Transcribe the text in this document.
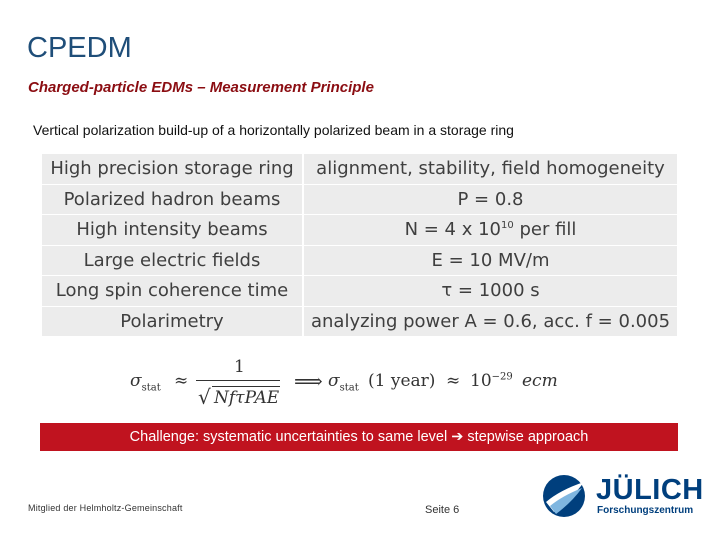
CPEDM
Charged-particle EDMs – Measurement Principle
Vertical polarization build-up of a horizontally polarized beam in a storage ring
High precision storage ring	alignment, stability, field homogeneity
Polarized hadron beams	P = 0.8
High intensity beams	N = 4 x $10^{10}$ per fill
Large electric fields	E = 10 MV/m
Long spin coherence time	τ = 1000 s
Polarimetry	analyzing power A = 0.6, acc. f = 0.005
$\sigma_{stat}$ ≈
1
√ NfτPAE
⟹ $\sigma_{stat}$ (1 year) ≈ $10^{-29}$ ecm
Challenge: systematic uncertainties to same level ➔ stepwise approach
Mitglied der Helmholtz-Gemeinschaft	Seite 6
JÜLICH
Forschungszentrum
